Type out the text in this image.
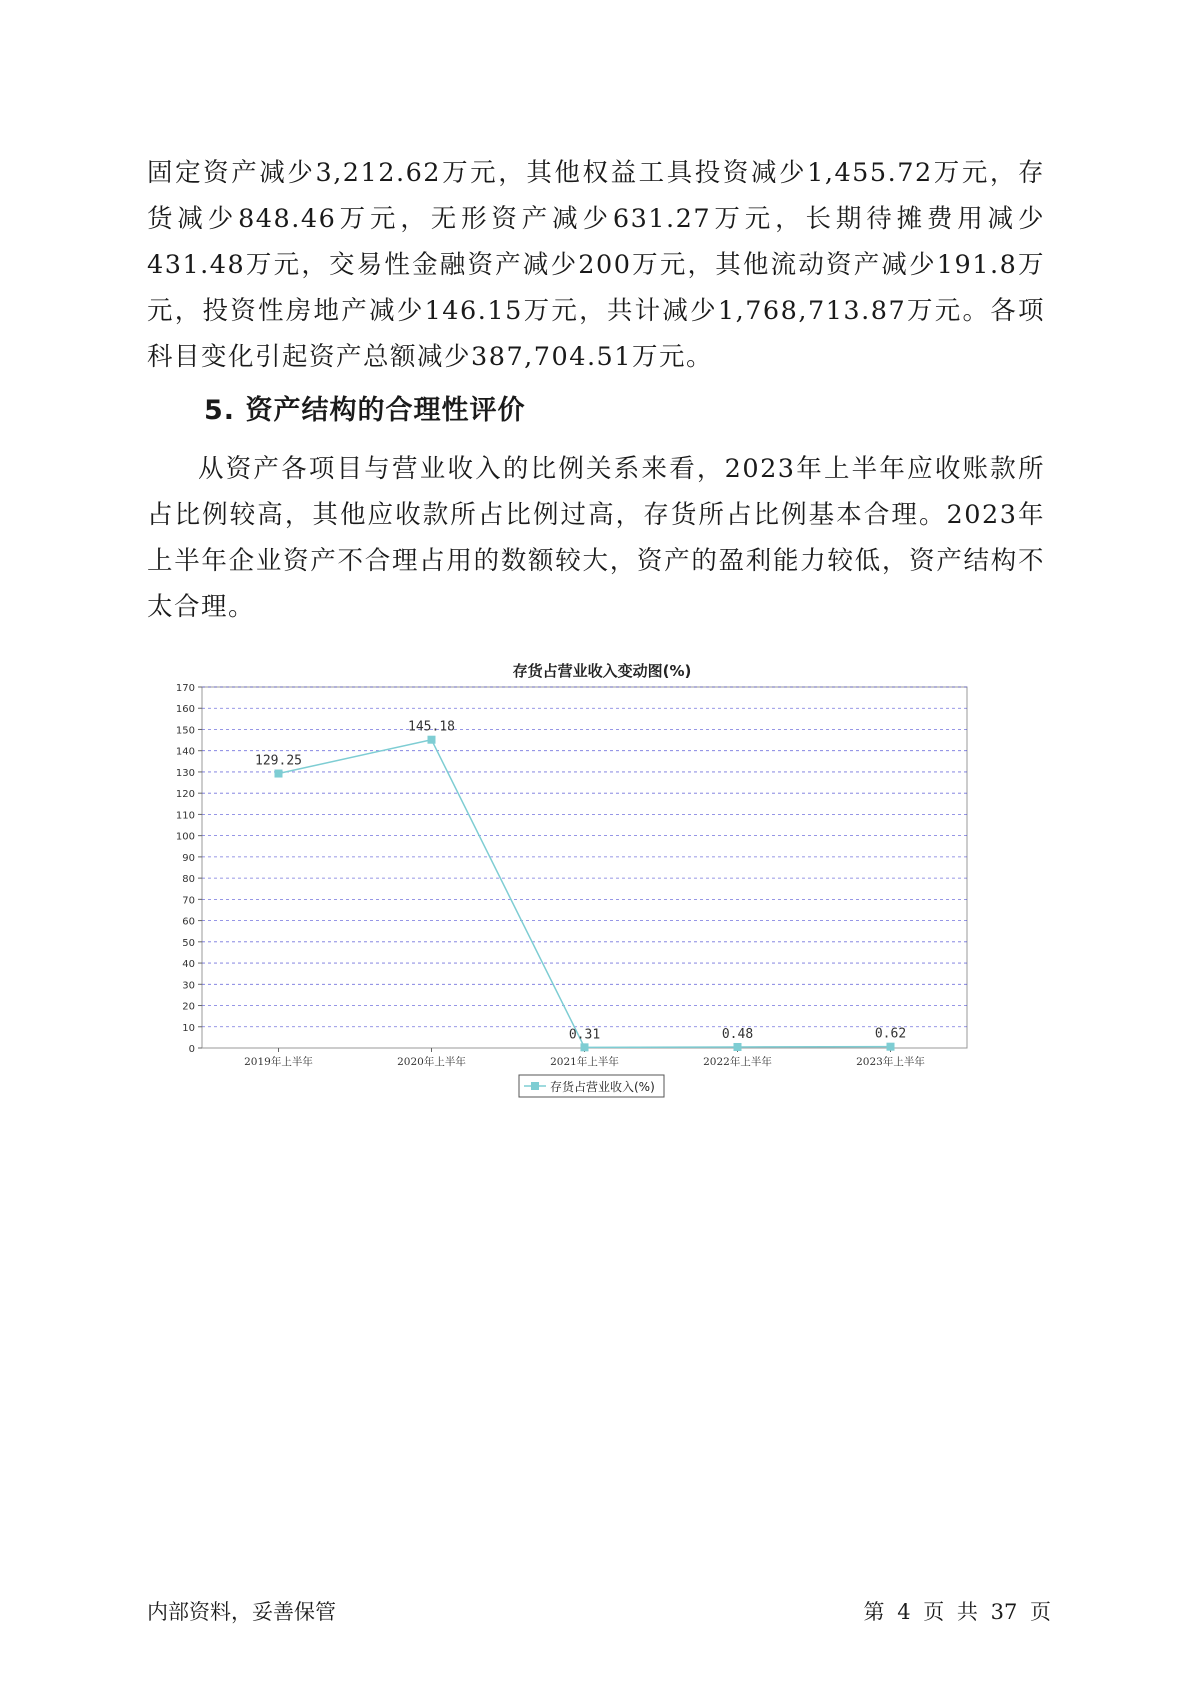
固定资产减少3,212.62万元，其他权益工具投资减少1,455.72万元，存货减少848.46万元，无形资产减少631.27万元，长期待摊费用减少431.48万元，交易性金融资产减少200万元，其他流动资产减少191.8万元，投资性房地产减少146.15万元，共计减少1,768,713.87万元。各项科目变化引起资产总额减少387,704.51万元。

5. 资产结构的合理性评价

从资产各项目与营业收入的比例关系来看，2023年上半年应收账款所占比例较高，其他应收款所占比例过高，存货所占比例基本合理。2023年上半年企业资产不合理占用的数额较大，资产的盈利能力较低，资产结构不太合理。

存货占营业收入变动图(%)
0
10
20
30
40
50
60
70
80
90
100
110
120
130
140
150
160
170
2019年上半年	2020年上半年	2021年上半年	2022年上半年	2023年上半年
129.25
145.18
0.31	0.48	0.62
存货占营业收入(%)
内部资料，妥善保管	第 4 页 共 37 页
